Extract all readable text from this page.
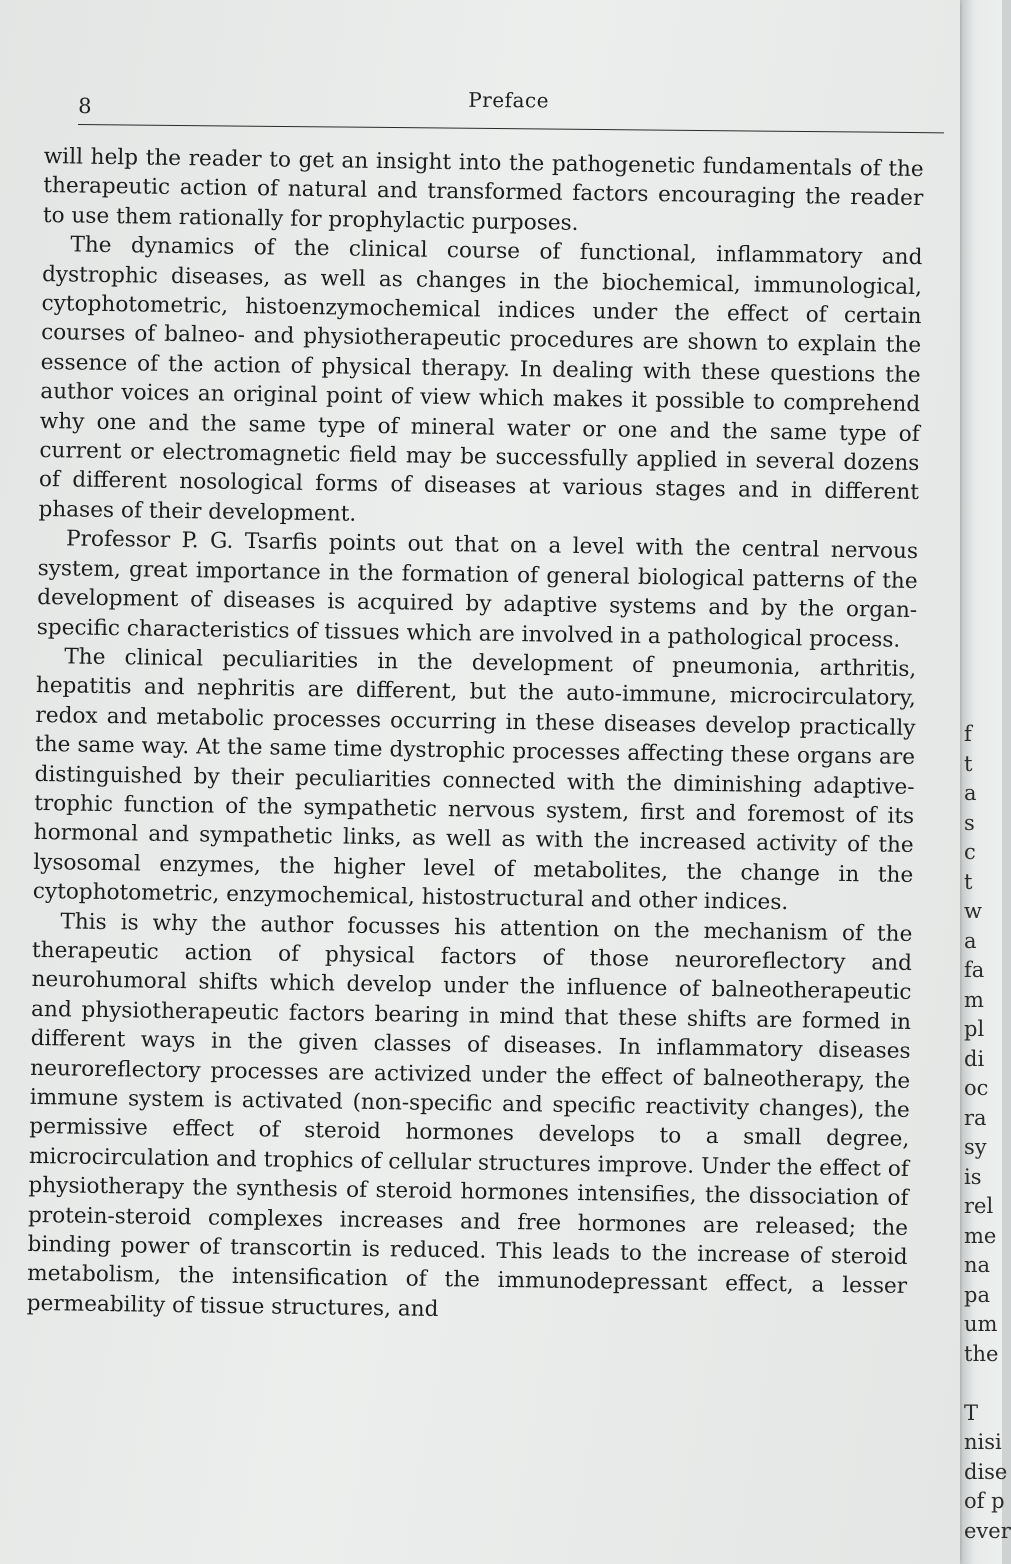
8	Preface

will help the reader to get an insight into the pathogenetic fundamentals of the therapeutic action of natural and transformed factors encouraging the reader to use them rationally for prophylactic purposes.

The dynamics of the clinical course of functional, inflammatory and dystrophic diseases, as well as changes in the biochemical, immunological, cytophotometric, histoenzymochemical indices under the effect of certain courses of balneo- and physiotherapeutic procedures are shown to explain the essence of the action of physical therapy. In dealing with these questions the author voices an original point of view which makes it possible to comprehend why one and the same type of mineral water or one and the same type of current or electromagnetic field may be successfully applied in several dozens of different nosological forms of diseases at various stages and in different phases of their development.

Professor P. G. Tsarfis points out that on a level with the central nervous system, great importance in the formation of general biological patterns of the development of diseases is acquired by adaptive systems and by the organ-specific characteristics of tissues which are involved in a pathological process.

The clinical peculiarities in the development of pneumonia, arthritis, hepatitis and nephritis are different, but the auto-immune, microcirculatory, redox and metabolic processes occurring in these diseases develop practically the same way. At the same time dystrophic processes affecting these organs are distinguished by their peculiarities connected with the diminishing adaptive-trophic function of the sympathetic nervous system, first and foremost of its hormonal and sympathetic links, as well as with the increased activity of the lysosomal enzymes, the higher level of metabolites, the change in the cytophotometric, enzymochemical, histostructural and other indices.

This is why the author focusses his attention on the mechanism of the therapeutic action of physical factors of those neuroreflectory and neurohumoral shifts which develop under the influence of balneotherapeutic and physiotherapeutic factors bearing in mind that these shifts are formed in different ways in the given classes of diseases. In inflammatory diseases neuroreflectory processes are activized under the effect of balneotherapy, the immune system is activated (non-specific and specific reactivity changes), the permissive effect of steroid hormones develops to a small degree, microcirculation and trophics of cellular structures improve. Under the effect of physiotherapy the synthesis of steroid hormones intensifies, the dissociation of protein-steroid complexes increases and free hormones are released; the binding power of transcortin is reduced. This leads to the increase of steroid metabolism, the intensification of the immunodepressant effect, a lesser permeability of tissue structures, and

f
t
a
s
c
t
w
a
fa
m
pl
di
oc
ra
sy
is
rel
me
na
pa
um
the

T
nisi
dise
of p
ever
